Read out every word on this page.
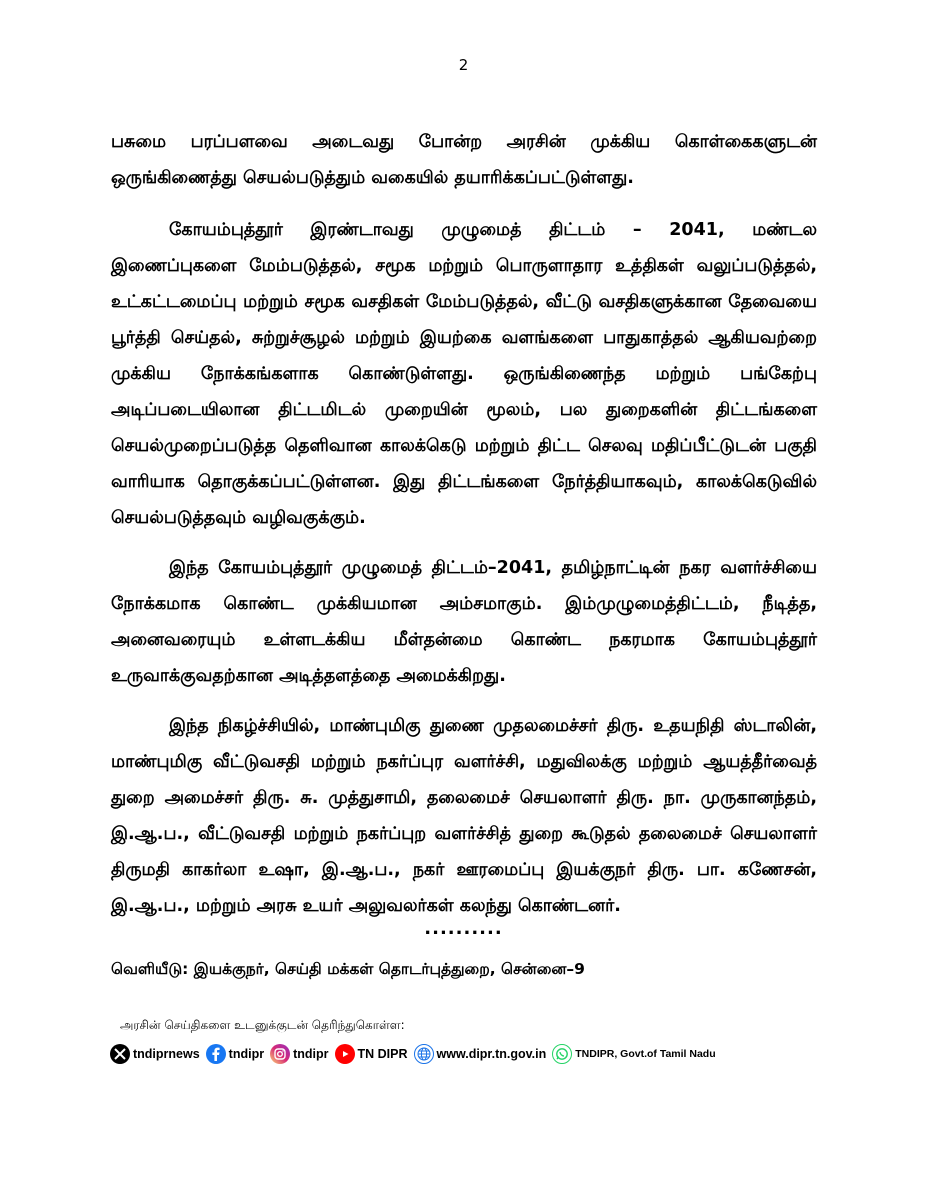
2

பசுமை பரப்பளவை அடைவது போன்ற அரசின் முக்கிய கொள்கைகளுடன் ஒருங்கிணைத்து செயல்படுத்தும் வகையில் தயாரிக்கப்பட்டுள்ளது.

கோயம்புத்தூர் இரண்டாவது முழுமைத் திட்டம் – 2041, மண்டல இணைப்புகளை மேம்படுத்தல், சமூக மற்றும் பொருளாதார உத்திகள் வலுப்படுத்தல், உட்கட்டமைப்பு மற்றும் சமூக வசதிகள் மேம்படுத்தல், வீட்டு வசதிகளுக்கான தேவையை பூர்த்தி செய்தல், சுற்றுச்சூழல் மற்றும் இயற்கை வளங்களை பாதுகாத்தல் ஆகியவற்றை முக்கிய நோக்கங்களாக கொண்டுள்ளது. ஒருங்கிணைந்த மற்றும் பங்கேற்பு அடிப்படையிலான திட்டமிடல் முறையின் மூலம், பல துறைகளின் திட்டங்களை செயல்முறைப்படுத்த தெளிவான காலக்கெடு மற்றும் திட்ட செலவு மதிப்பீட்டுடன் பகுதி வாரியாக தொகுக்கப்பட்டுள்ளன. இது திட்டங்களை நேர்த்தியாகவும், காலக்கெடுவில் செயல்படுத்தவும் வழிவகுக்கும்.

இந்த கோயம்புத்தூர் முழுமைத் திட்டம்–2041, தமிழ்நாட்டின் நகர வளர்ச்சியை நோக்கமாக கொண்ட முக்கியமான அம்சமாகும். இம்முழுமைத்திட்டம், நீடித்த, அனைவரையும் உள்ளடக்கிய மீள்தன்மை கொண்ட நகரமாக கோயம்புத்தூர் உருவாக்குவதற்கான அடித்தளத்தை அமைக்கிறது.

இந்த நிகழ்ச்சியில், மாண்புமிகு துணை முதலமைச்சர் திரு. உதயநிதி ஸ்டாலின், மாண்புமிகு வீட்டுவசதி மற்றும் நகர்ப்புர வளர்ச்சி, மதுவிலக்கு மற்றும் ஆயத்தீர்வைத் துறை அமைச்சர் திரு. சு. முத்துசாமி, தலைமைச் செயலாளர் திரு. நா. முருகானந்தம், இ.ஆ.ப., வீட்டுவசதி மற்றும் நகர்ப்புற வளர்ச்சித் துறை கூடுதல் தலைமைச் செயலாளர் திருமதி காகர்லா உஷா, இ.ஆ.ப., நகர் ஊரமைப்பு இயக்குநர் திரு. பா. கணேசன், இ.ஆ.ப., மற்றும் அரசு உயர் அலுவலர்கள் கலந்து கொண்டனர்.

..........
வெளியீடு: இயக்குநர், செய்தி மக்கள் தொடர்புத்துறை, சென்னை–9
அரசின் செய்திகளை உடனுக்குடன் தெரிந்துகொள்ள:
tndiprnews tndipr tndipr TN DIPR www.dipr.tn.gov.in	TNDIPR, Govt.of Tamil Nadu
